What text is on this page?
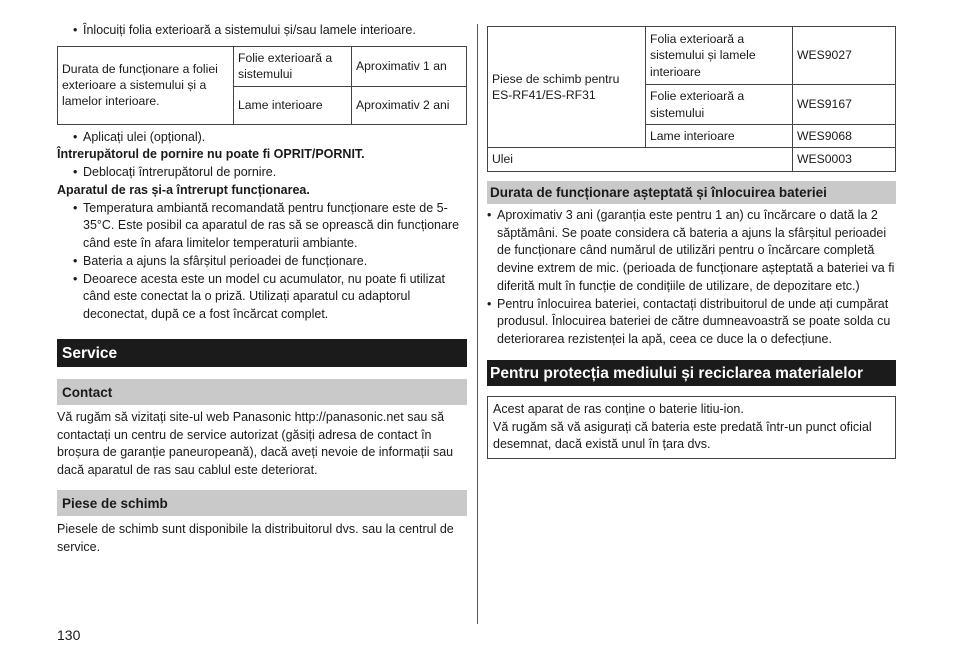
• Înlocuiți folia exterioară a sistemului și/sau lamele interioare.
Durata de funcționare a foliei exterioare a sistemului și a lamelor interioare.	Folie exterioară a sistemului	Aproximativ 1 an
	Lame interioare	Aproximativ 2 ani
• Aplicați ulei (opțional).
Întrerupătorul de pornire nu poate fi OPRIT/PORNIT.
• Deblocați întrerupătorul de pornire.
Aparatul de ras și-a întrerupt funcționarea.
• Temperatura ambiantă recomandată pentru funcționare este de 5-35°C. Este posibil ca aparatul de ras să se oprească din funcționare când este în afara limitelor temperaturii ambiante.
• Bateria a ajuns la sfârșitul perioadei de funcționare.
• Deoarece acesta este un model cu acumulator, nu poate fi utilizat când este conectat la o priză. Utilizați aparatul cu adaptorul deconectat, după ce a fost încărcat complet.
Service
Contact
Vă rugăm să vizitați site-ul web Panasonic http://panasonic.net sau să contactați un centru de service autorizat (găsiți adresa de contact în broșura de garanție paneuropeană), dacă aveți nevoie de informații sau dacă aparatul de ras sau cablul este deteriorat.
Piese de schimb
Piesele de schimb sunt disponibile la distribuitorul dvs. sau la centrul de service.
Piese de schimb pentru ES-RF41/ES-RF31	Folia exterioară a sistemului și lamele interioare	WES9027
	Folie exterioară a sistemului	WES9167
	Lame interioare	WES9068
Ulei		WES0003
Durata de funcționare așteptată și înlocuirea bateriei
• Aproximativ 3 ani (garanția este pentru 1 an) cu încărcare o dată la 2 săptămâni. Se poate considera că bateria a ajuns la sfârșitul perioadei de funcționare când numărul de utilizări pentru o încărcare completă devine extrem de mic. (perioada de funcționare așteptată a bateriei va fi diferită mult în funcție de condițiile de utilizare, de depozitare etc.)
• Pentru înlocuirea bateriei, contactați distribuitorul de unde ați cumpărat produsul. Înlocuirea bateriei de către dumneavoastră se poate solda cu deteriorarea rezistenței la apă, ceea ce duce la o defecțiune.
Pentru protecția mediului și reciclarea materialelor
Acest aparat de ras conține o baterie litiu-ion.
Vă rugăm să vă asigurați că bateria este predată într-un punct oficial desemnat, dacă există unul în țara dvs.
130
